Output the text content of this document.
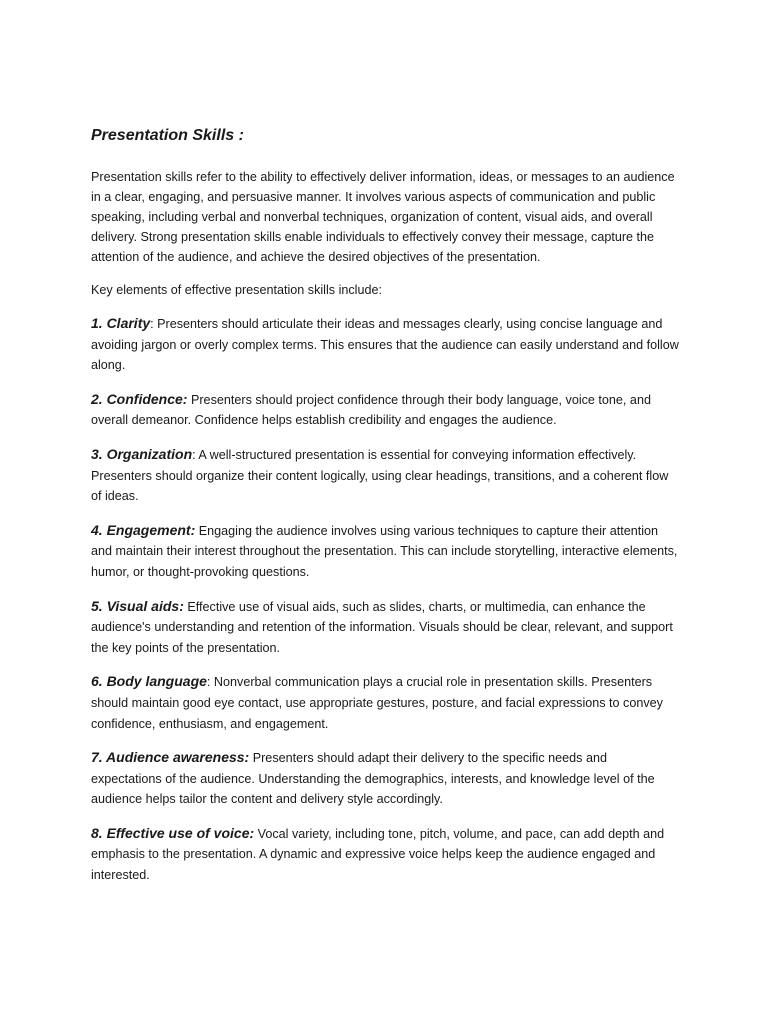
Presentation Skills :

Presentation skills refer to the ability to effectively deliver information, ideas, or messages to an audience in a clear, engaging, and persuasive manner. It involves various aspects of communication and public speaking, including verbal and nonverbal techniques, organization of content, visual aids, and overall delivery. Strong presentation skills enable individuals to effectively convey their message, capture the attention of the audience, and achieve the desired objectives of the presentation.

Key elements of effective presentation skills include:

1. Clarity: Presenters should articulate their ideas and messages clearly, using concise language and avoiding jargon or overly complex terms. This ensures that the audience can easily understand and follow along.

2. Confidence: Presenters should project confidence through their body language, voice tone, and overall demeanor. Confidence helps establish credibility and engages the audience.

3. Organization: A well-structured presentation is essential for conveying information effectively. Presenters should organize their content logically, using clear headings, transitions, and a coherent flow of ideas.

4. Engagement: Engaging the audience involves using various techniques to capture their attention and maintain their interest throughout the presentation. This can include storytelling, interactive elements, humor, or thought-provoking questions.

5. Visual aids: Effective use of visual aids, such as slides, charts, or multimedia, can enhance the audience's understanding and retention of the information. Visuals should be clear, relevant, and support the key points of the presentation.

6. Body language: Nonverbal communication plays a crucial role in presentation skills. Presenters should maintain good eye contact, use appropriate gestures, posture, and facial expressions to convey confidence, enthusiasm, and engagement.

7. Audience awareness: Presenters should adapt their delivery to the specific needs and expectations of the audience. Understanding the demographics, interests, and knowledge level of the audience helps tailor the content and delivery style accordingly.

8. Effective use of voice: Vocal variety, including tone, pitch, volume, and pace, can add depth and emphasis to the presentation. A dynamic and expressive voice helps keep the audience engaged and interested.
